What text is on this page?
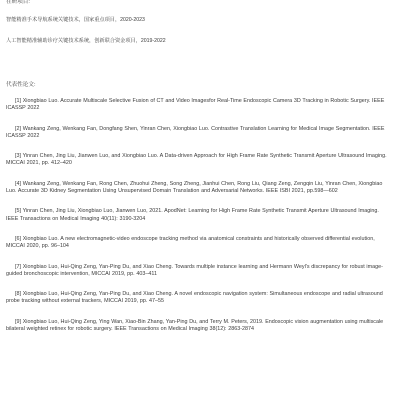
在研项目:
智能精准手术导航系统关键技术，国家重点项目，2020-2023
人工智能精准辅助诊疗关键技术系统，创新联合资金项目，2019-2022
代表性论文:
[1] Xiongbiao Luo. Accurate Multiscale Selective Fusion of CT and Video Imagesfor Real-Time Endoscopic Camera 3D Tracking in Robotic Surgery. IEEE ICASSP 2022
[2] Wankang Zeng, Wenkang Fan, Dongfang Shen, Yinran Chen, Xiongbiao Luo. Contrastive Translation Learning for Medical Image Segmentation. IEEE ICASSP 2022
[3] Yinran Chen, Jing Liu, Jianwen Luo, and Xiongbiao Luo. A Data-driven Approach for High Frame Rate Synthetic Transmit Aperture Ultrasound Imaging. MICCAI 2021, pp. 412–420
[4] Wankang Zeng, Wenkang Fan, Rong Chen, Zhuohui Zheng, Song Zheng, Jianhui Chen, Rong Liu, Qiang Zeng, Zengqin Liu, Yinran Chen, Xiongbiao Luo. Accurate 3D Kidney Segmentation Using Unsupervised Domain Translation and Adversarial Networks. IEEE ISBI 2021, pp.598—602
[5] Yinran Chen, Jing Liu, Xiongbiao Luo, Jianwen Luo, 2021. ApodNet: Learning for High Frame Rate Synthetic Transmit Aperture Ultrasound Imaging. IEEE Transactions on Medical Imaging 40(11): 3190-3204
[6] Xiongbiao Luo. A new electromagnetic-video endoscope tracking method via anatomical constraints and historically observed differential evolution, MICCAI 2020, pp. 96–104
[7] Xiongbiao Luo, Hui-Qing Zeng, Yan-Ping Du, and Xiao Cheng. Towards multiple instance learning and Hermann Weyl’s discrepancy for robust image-guided bronchoscopic intervention, MICCAI 2019, pp. 403–411
[8] Xiongbiao Luo, Hui-Qing Zeng, Yan-Ping Du, and Xiao Cheng. A novel endoscopic navigation system: Simultaneous endoscope and radial ultrasound probe tracking without external trackers, MICCAI 2019, pp. 47–55
[9] Xiongbiao Luo, Hui-Qing Zeng, Ying Wan, Xiao-Bin Zhang, Yan-Ping Du, and Terry M. Peters, 2019. Endoscopic vision augmentation using multiscale bilateral weighted retinex for robotic surgery. IEEE Transactions on Medical Imaging 38(12): 2863-2874
